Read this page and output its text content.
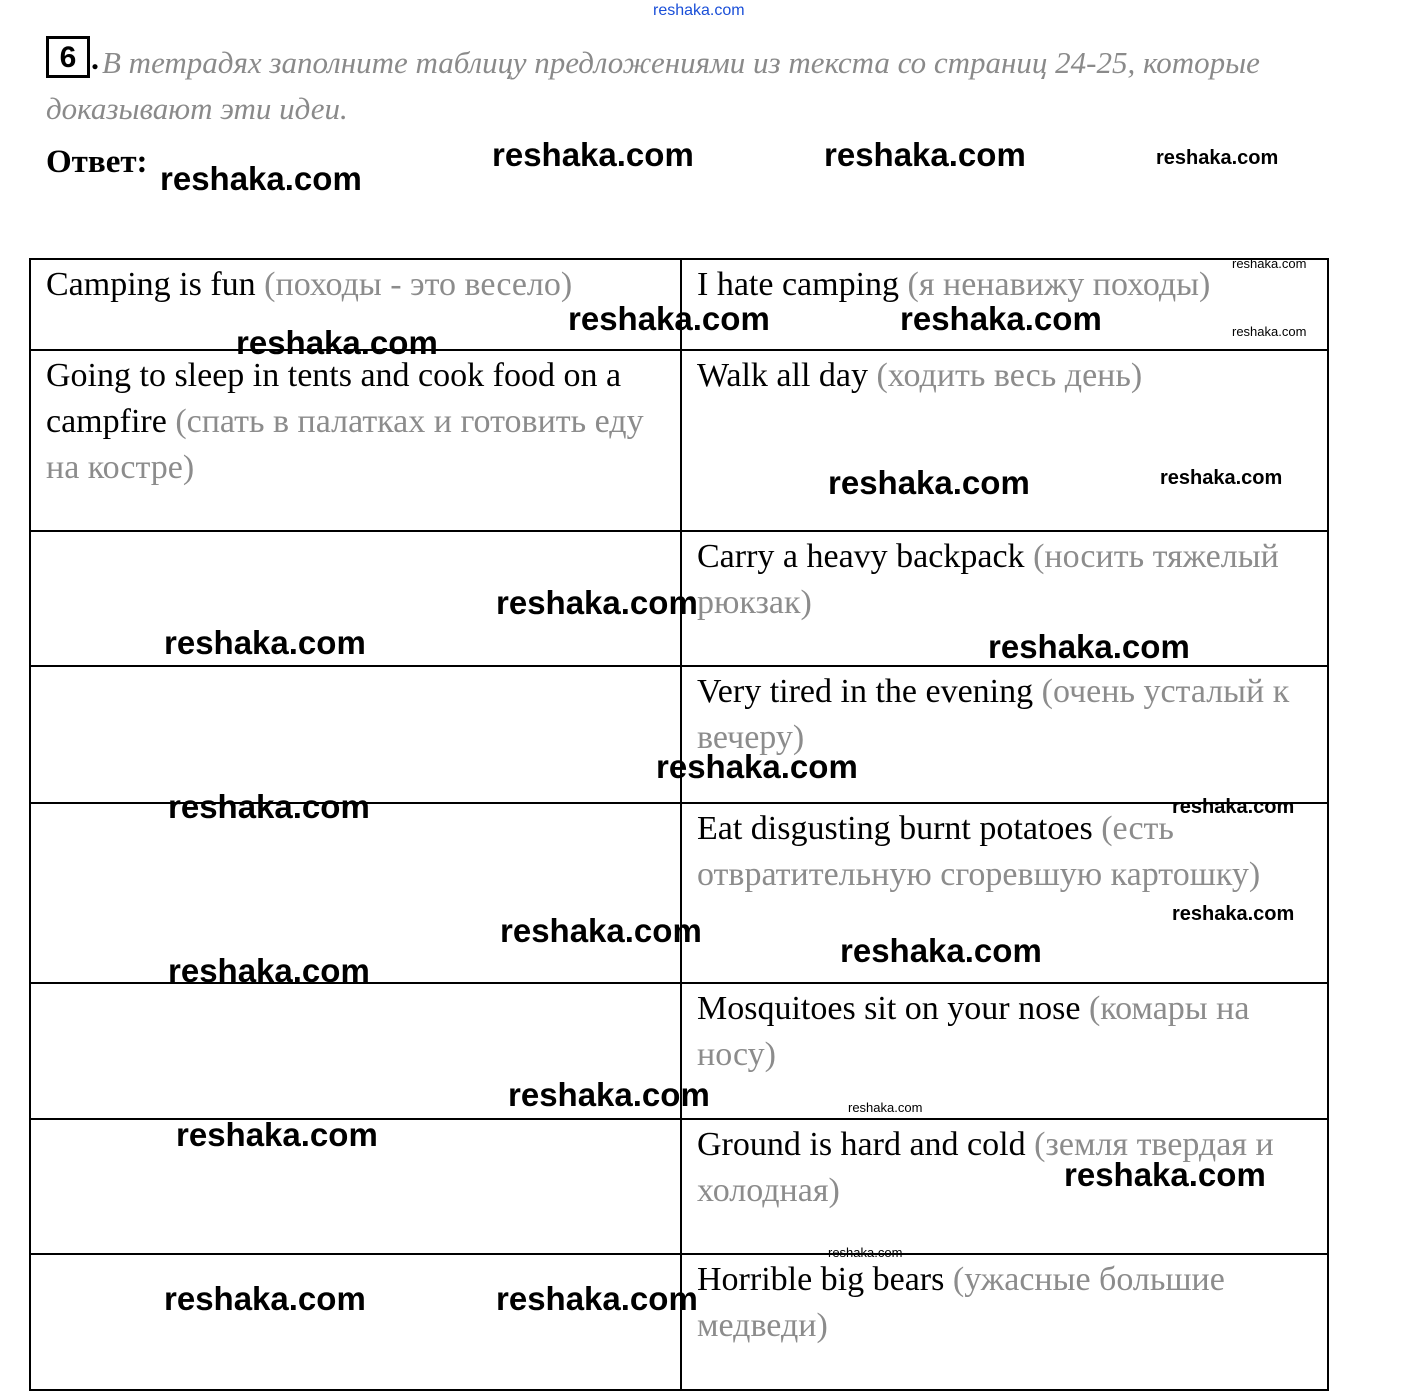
reshaka.com
В тетрадях заполните таблицу предложениями из текста со страниц 24-25, которые доказывают эти идеи.
6 .
Ответ:
Camping is fun (походы - это весело)	I hate camping (я ненавижу походы)
Going to sleep in tents and cook food on a campfire (спать в палатках и готовить еду на костре)	Walk all day (ходить весь день)
	Carry a heavy backpack (носить тяжелый рюкзак)
	Very tired in the evening (очень усталый к вечеру)
	Eat disgusting burnt potatoes (есть отвратительную сгоревшую картошку)
	Mosquitoes sit on your nose (комары на носу)
	Ground is hard and cold (земля твердая и холодная)
	Horrible big bears (ужасные большие медведи)
reshaka.com
reshaka.com	reshaka.com	reshaka.com
reshaka.com
reshaka.com	reshaka.com	reshaka.com
reshaka.com
reshaka.com	reshaka.com
reshaka.com
reshaka.com	reshaka.com
reshaka.com
reshaka.com	reshaka.com
reshaka.com
reshaka.com
reshaka.com
reshaka.com
reshaka.com	reshaka.com
reshaka.com
reshaka.com
reshaka.com
reshaka.com	reshaka.com
